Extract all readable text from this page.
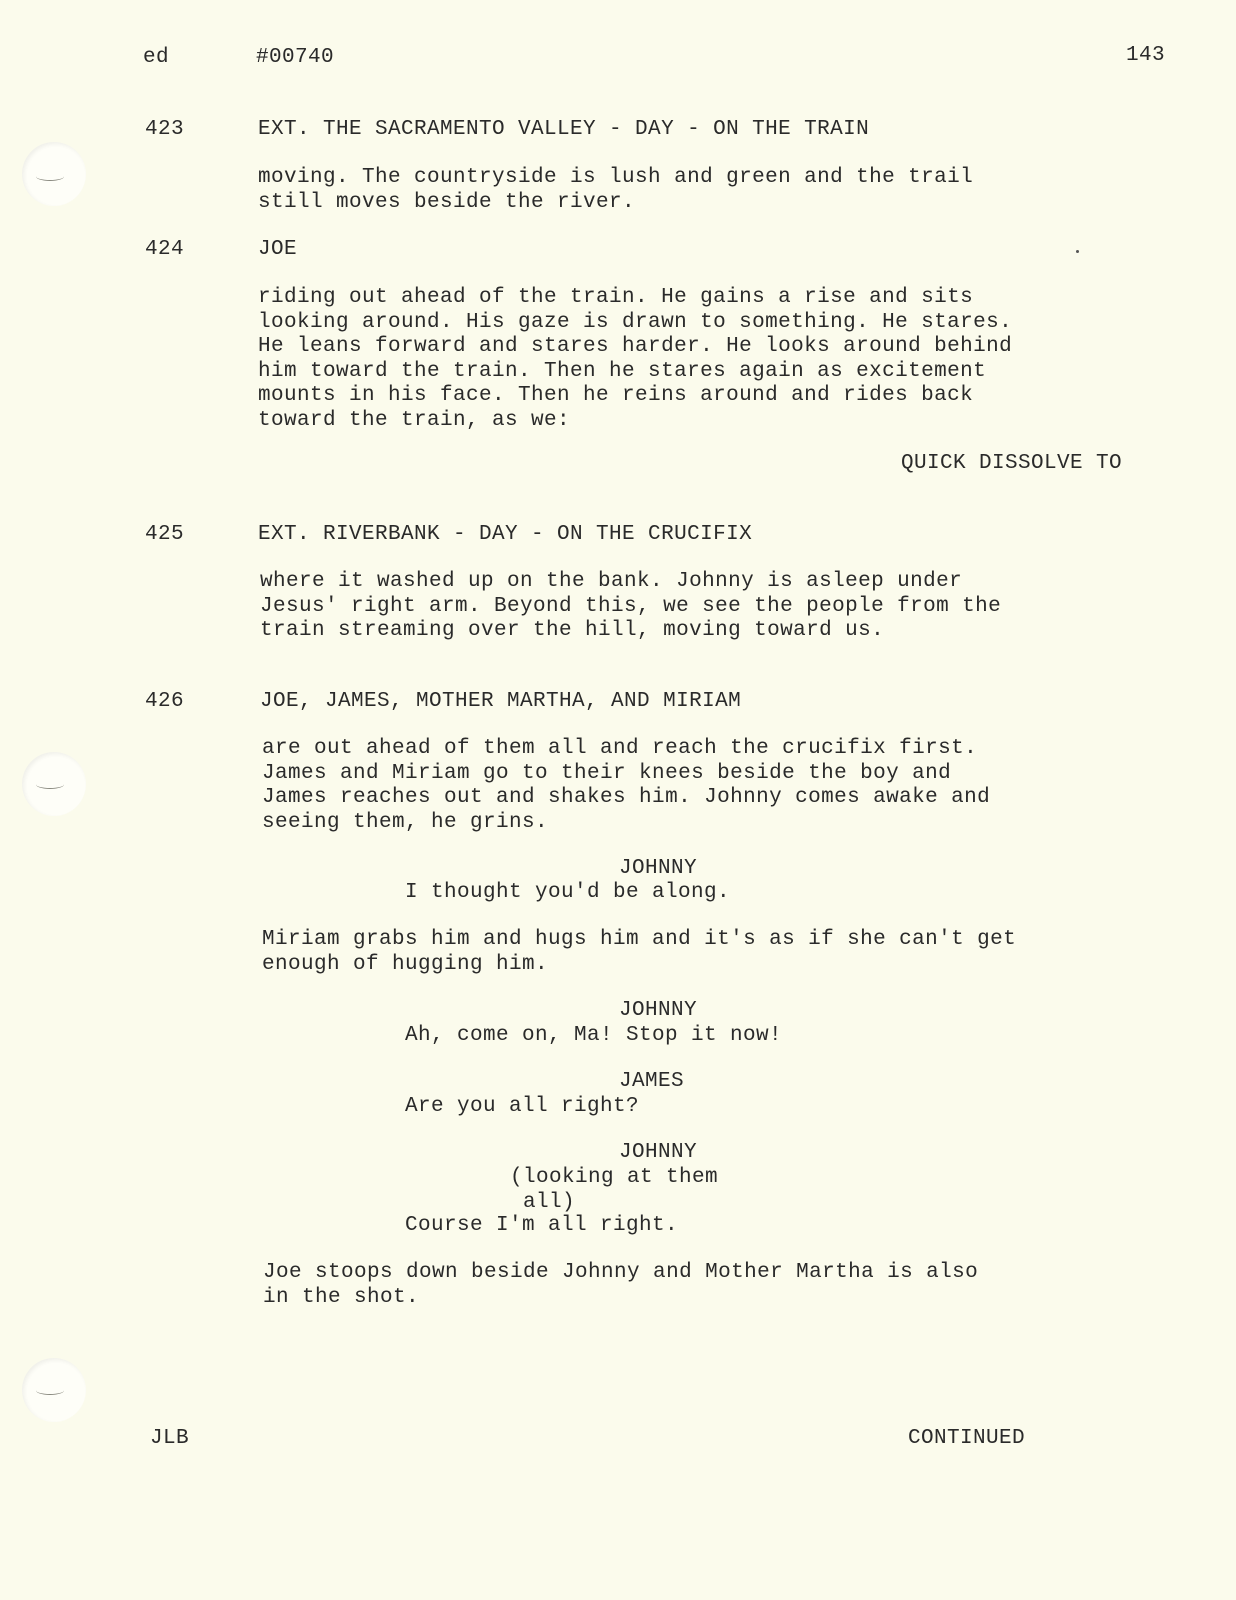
ed	#00740	143
423	EXT. THE SACRAMENTO VALLEY - DAY - ON THE TRAIN
moving. The countryside is lush and green and the trail
still moves beside the river.
424	JOE
riding out ahead of the train. He gains a rise and sits
looking around. His gaze is drawn to something. He stares.
He leans forward and stares harder. He looks around behind
him toward the train. Then he stares again as excitement
mounts in his face. Then he reins around and rides back
toward the train, as we:
QUICK DISSOLVE TO
425	EXT. RIVERBANK - DAY - ON THE CRUCIFIX
where it washed up on the bank. Johnny is asleep under
Jesus' right arm. Beyond this, we see the people from the
train streaming over the hill, moving toward us.
426	JOE, JAMES, MOTHER MARTHA, AND MIRIAM
are out ahead of them all and reach the crucifix first.
James and Miriam go to their knees beside the boy and
James reaches out and shakes him. Johnny comes awake and
seeing them, he grins.
JOHNNY
I thought you'd be along.
Miriam grabs him and hugs him and it's as if she can't get
enough of hugging him.
JOHNNY
Ah, come on, Ma! Stop it now!
JAMES
Are you all right?
JOHNNY
(looking at them
all)
Course I'm all right.
Joe stoops down beside Johnny and Mother Martha is also
in the shot.
JLB	CONTINUED
